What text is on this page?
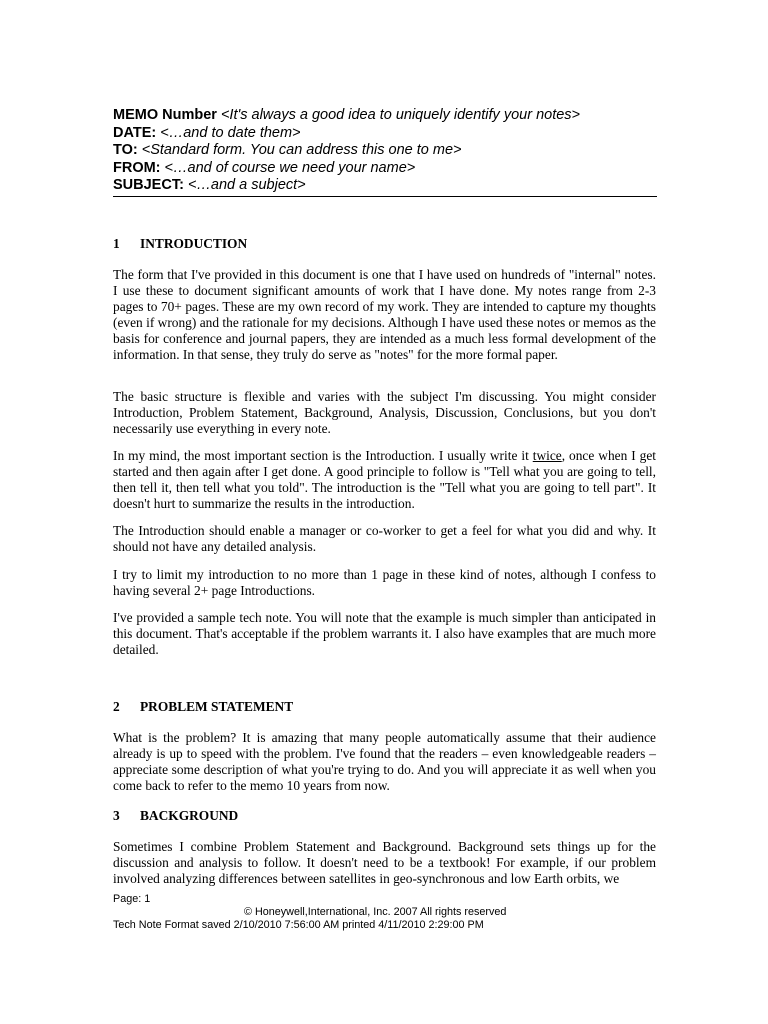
MEMO Number <It's always a good idea to uniquely identify your notes>
DATE: <…and to date them>
TO: <Standard form. You can address this one to me>
FROM: <…and of course we need your name>
SUBJECT: <…and a subject>
1 INTRODUCTION

The form that I've provided in this document is one that I have used on hundreds of "internal" notes. I use these to document significant amounts of work that I have done. My notes range from 2-3 pages to 70+ pages. These are my own record of my work. They are intended to capture my thoughts (even if wrong) and the rationale for my decisions. Although I have used these notes or memos as the basis for conference and journal papers, they are intended as a much less formal development of the information. In that sense, they truly do serve as "notes" for the more formal paper.

The basic structure is flexible and varies with the subject I'm discussing. You might consider Introduction, Problem Statement, Background, Analysis, Discussion, Conclusions, but you don't necessarily use everything in every note.

In my mind, the most important section is the Introduction. I usually write it twice, once when I get started and then again after I get done. A good principle to follow is "Tell what you are going to tell, then tell it, then tell what you told". The introduction is the "Tell what you are going to tell part". It doesn't hurt to summarize the results in the introduction.

The Introduction should enable a manager or co-worker to get a feel for what you did and why. It should not have any detailed analysis.

I try to limit my introduction to no more than 1 page in these kind of notes, although I confess to having several 2+ page Introductions.

I've provided a sample tech note. You will note that the example is much simpler than anticipated in this document. That's acceptable if the problem warrants it. I also have examples that are much more detailed.

2 PROBLEM STATEMENT

What is the problem? It is amazing that many people automatically assume that their audience already is up to speed with the problem. I've found that the readers – even knowledgeable readers – appreciate some description of what you're trying to do. And you will appreciate it as well when you come back to refer to the memo 10 years from now.

3 BACKGROUND

Sometimes I combine Problem Statement and Background. Background sets things up for the discussion and analysis to follow. It doesn't need to be a textbook! For example, if our problem involved analyzing differences between satellites in geo-synchronous and low Earth orbits, we

Page: 1
© Honeywell,International, Inc. 2007 All rights reserved
Tech Note Format saved 2/10/2010 7:56:00 AM printed 4/11/2010 2:29:00 PM
